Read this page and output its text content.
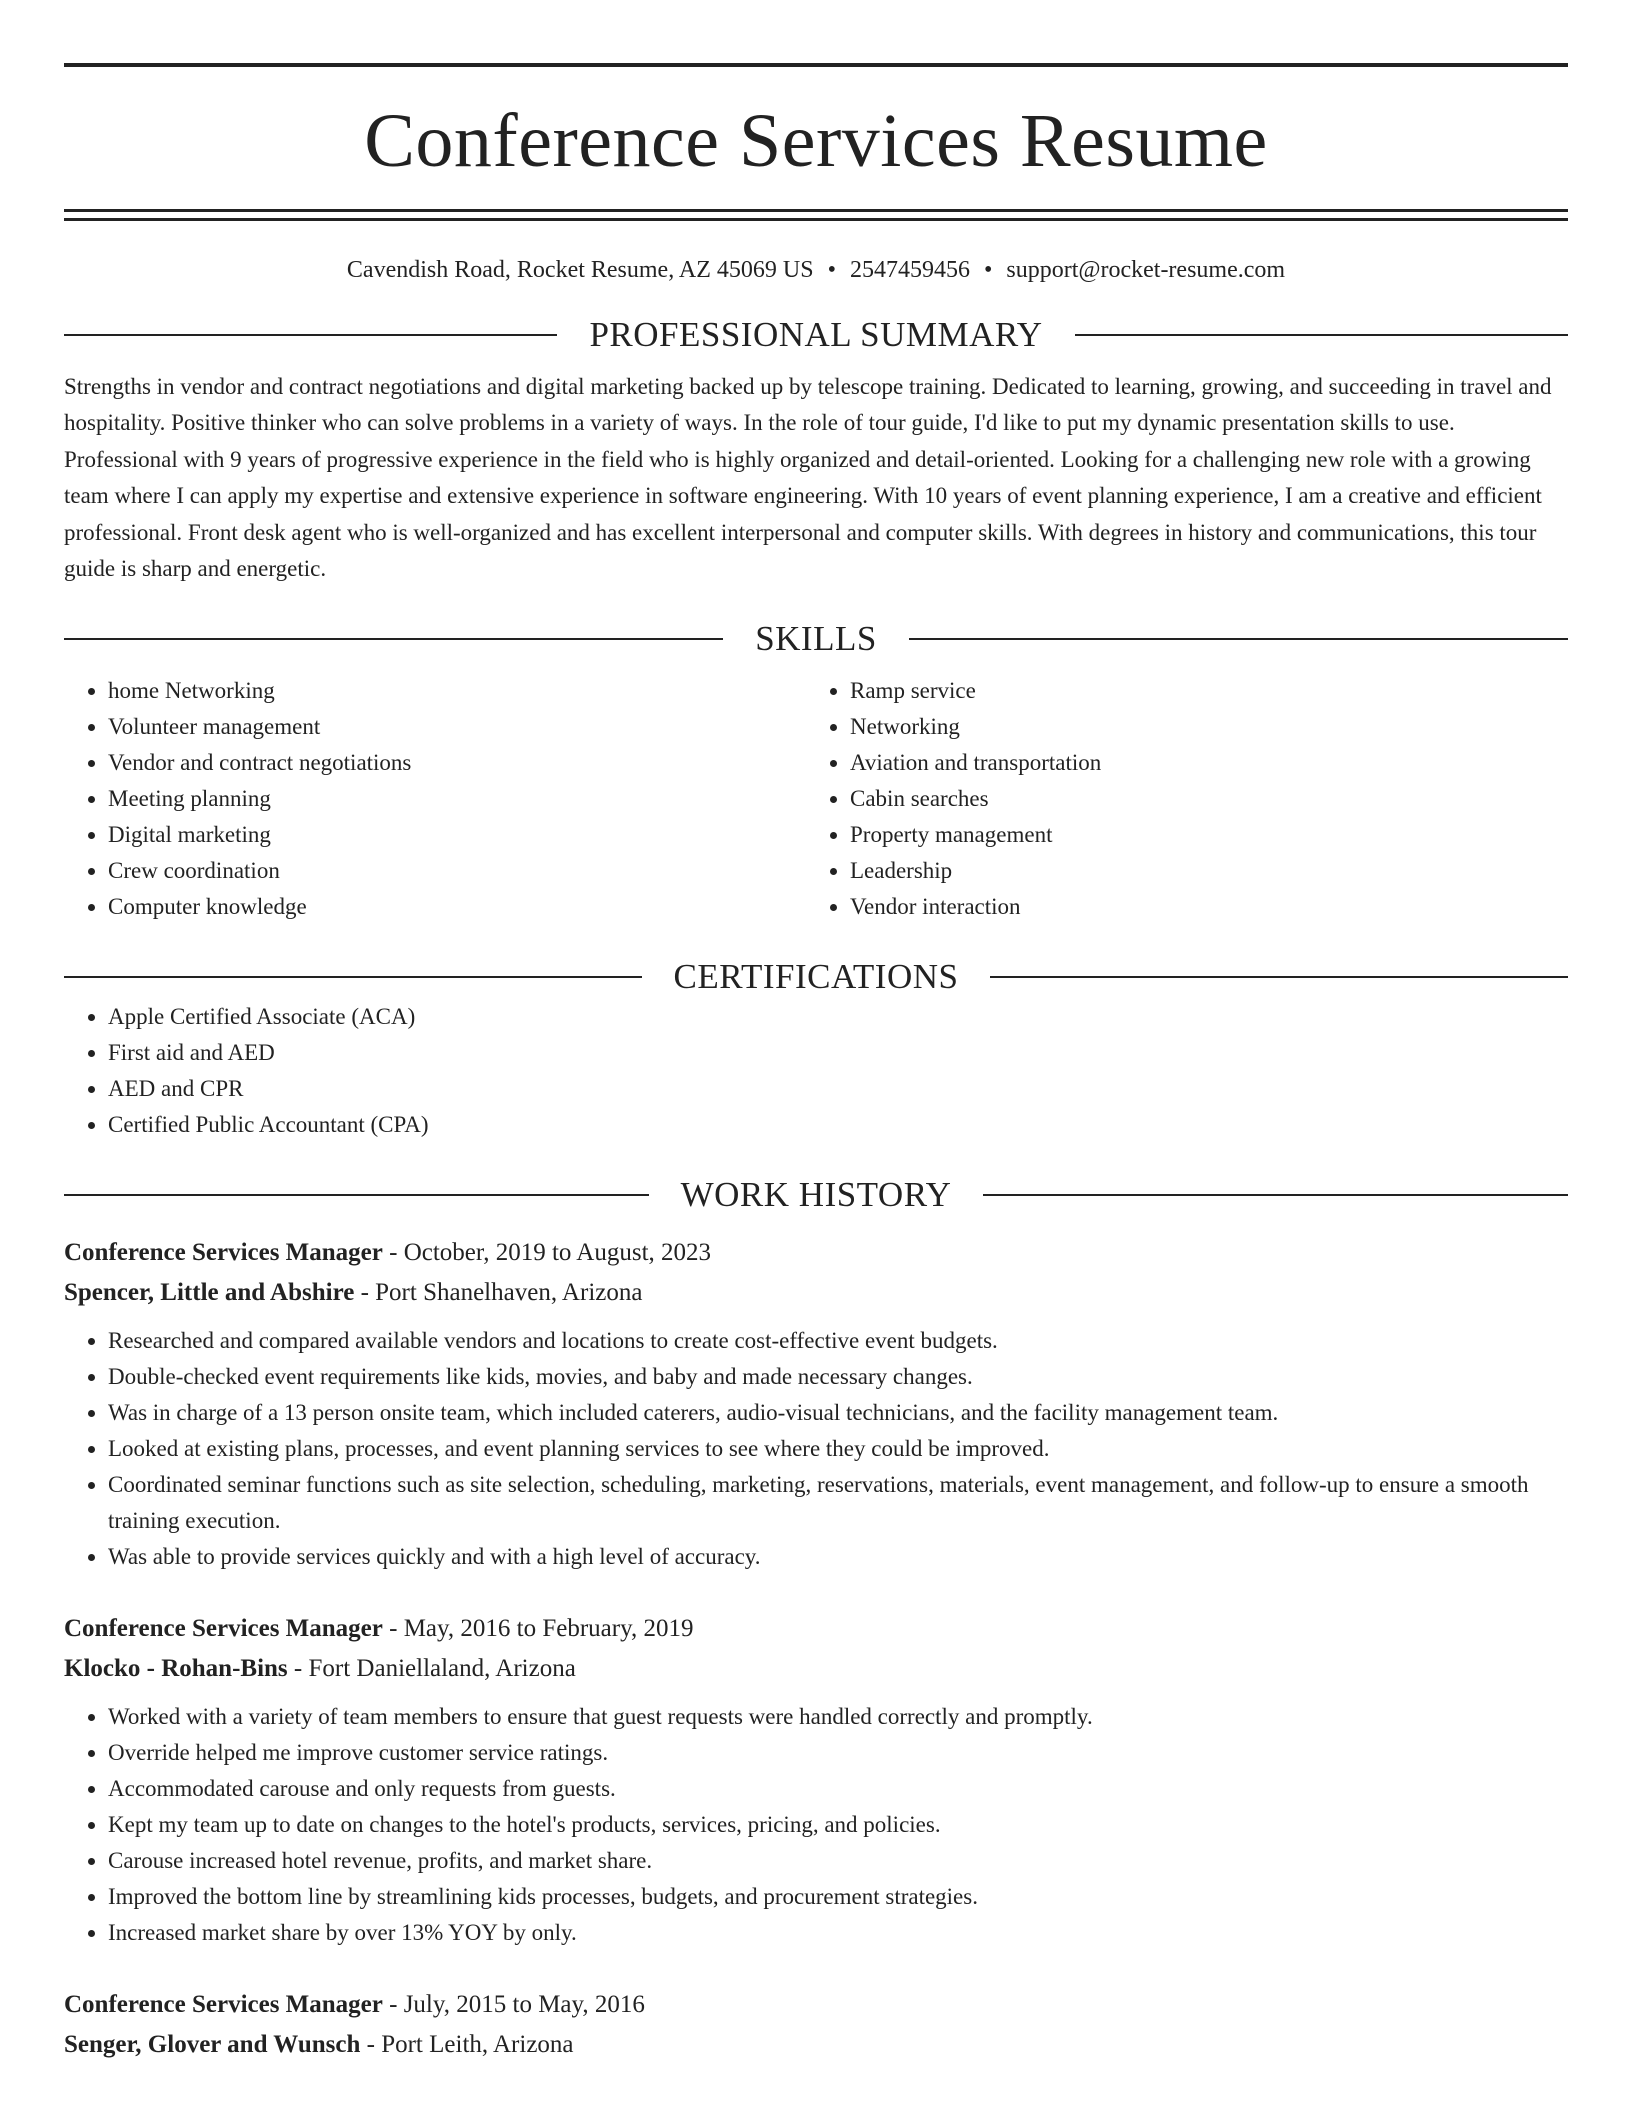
Conference Services Resume
Cavendish Road, Rocket Resume, AZ 45069 US • 2547459456 • support@rocket-resume.com
PROFESSIONAL SUMMARY
Strengths in vendor and contract negotiations and digital marketing backed up by telescope training. Dedicated to learning, growing, and succeeding in travel and hospitality. Positive thinker who can solve problems in a variety of ways. In the role of tour guide, I'd like to put my dynamic presentation skills to use. Professional with 9 years of progressive experience in the field who is highly organized and detail-oriented. Looking for a challenging new role with a growing team where I can apply my expertise and extensive experience in software engineering. With 10 years of event planning experience, I am a creative and efficient professional. Front desk agent who is well-organized and has excellent interpersonal and computer skills. With degrees in history and communications, this tour guide is sharp and energetic.
SKILLS
• home Networking
• Volunteer management
• Vendor and contract negotiations
• Meeting planning
• Digital marketing
• Crew coordination
• Computer knowledge
• Ramp service
• Networking
• Aviation and transportation
• Cabin searches
• Property management
• Leadership
• Vendor interaction
CERTIFICATIONS
• Apple Certified Associate (ACA)
• First aid and AED
• AED and CPR
• Certified Public Accountant (CPA)
WORK HISTORY
Conference Services Manager - October, 2019 to August, 2023
Spencer, Little and Abshire - Port Shanelhaven, Arizona
• Researched and compared available vendors and locations to create cost-effective event budgets.
• Double-checked event requirements like kids, movies, and baby and made necessary changes.
• Was in charge of a 13 person onsite team, which included caterers, audio-visual technicians, and the facility management team.
• Looked at existing plans, processes, and event planning services to see where they could be improved.
• Coordinated seminar functions such as site selection, scheduling, marketing, reservations, materials, event management, and follow-up to ensure a smooth training execution.
• Was able to provide services quickly and with a high level of accuracy.
Conference Services Manager - May, 2016 to February, 2019
Klocko - Rohan-Bins - Fort Daniellaland, Arizona
• Worked with a variety of team members to ensure that guest requests were handled correctly and promptly.
• Override helped me improve customer service ratings.
• Accommodated carouse and only requests from guests.
• Kept my team up to date on changes to the hotel's products, services, pricing, and policies.
• Carouse increased hotel revenue, profits, and market share.
• Improved the bottom line by streamlining kids processes, budgets, and procurement strategies.
• Increased market share by over 13% YOY by only.
Conference Services Manager - July, 2015 to May, 2016
Senger, Glover and Wunsch - Port Leith, Arizona
